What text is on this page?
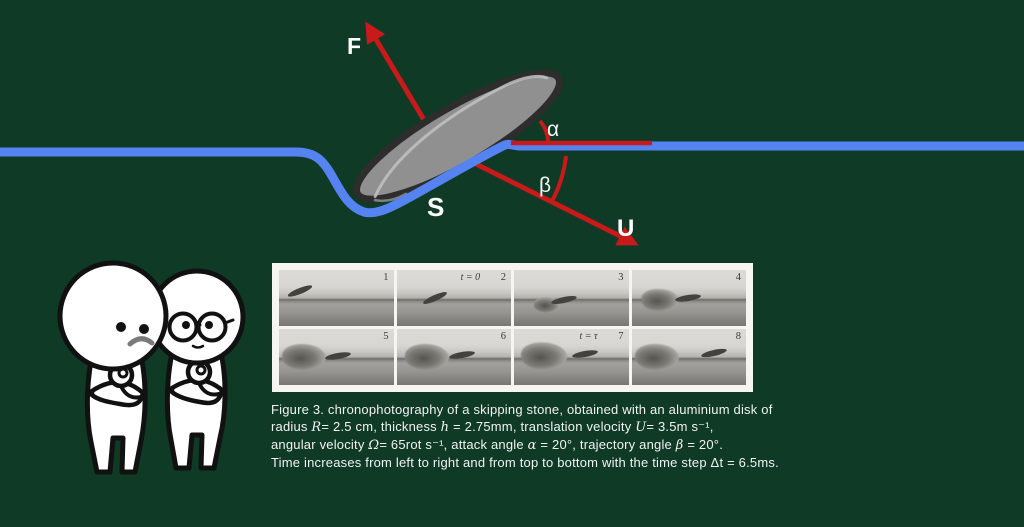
F
α
β
S
U
1	t = 0 2	3	4
5	6	t = τ 7	8
Figure 3. chronophotography of a skipping stone, obtained with an aluminium disk of
radius R= 2.5 cm, thickness h = 2.75mm, translation velocity U= 3.5m s⁻¹,
angular velocity Ω= 65rot s⁻¹, attack angle α = 20°, trajectory angle β = 20°.
Time increases from left to right and from top to bottom with the time step Δt = 6.5ms.
